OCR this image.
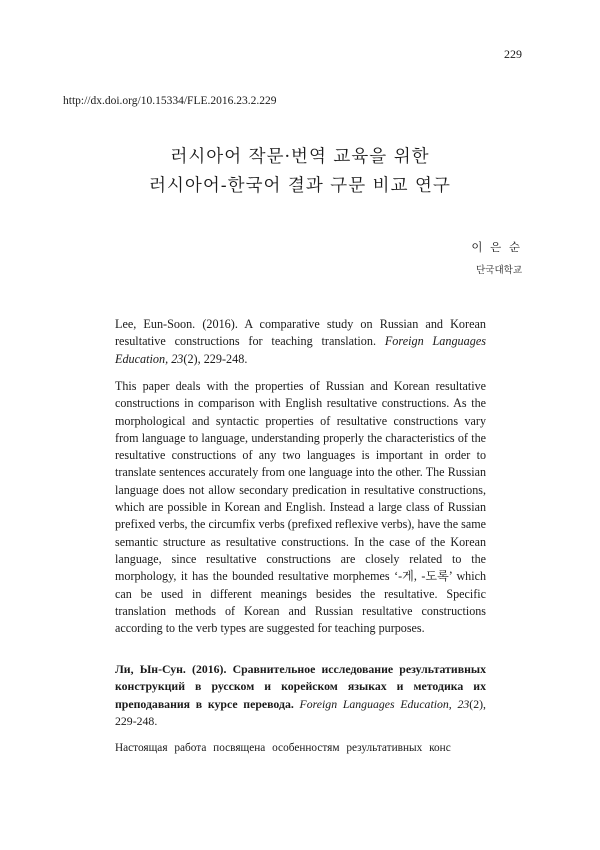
229
http://dx.doi.org/10.15334/FLE.2016.23.2.229
러시아어 작문·번역 교육을 위한
러시아어-한국어 결과 구문 비교 연구
이 은 순
단국대학교

Lee, Eun-Soon. (2016). A comparative study on Russian and Korean resultative constructions for teaching translation. Foreign Languages Education, 23(2), 229-248.

This paper deals with the properties of Russian and Korean resultative constructions in comparison with English resultative constructions. As the morphological and syntactic properties of resultative constructions vary from language to language, understanding properly the characteristics of the resultative constructions of any two languages is important in order to translate sentences accurately from one language into the other. The Russian language does not allow secondary predication in resultative constructions, which are possible in Korean and English. Instead a large class of Russian prefixed verbs, the circumfix verbs (prefixed reflexive verbs), have the same semantic structure as resultative constructions. In the case of the Korean language, since resultative constructions are closely related to the morphology, it has the bounded resultative morphemes ‘-게, -도록’ which can be used in different meanings besides the resultative. Specific translation methods of Korean and Russian resultative constructions according to the verb types are suggested for teaching purposes.

Ли, Ын-Сун. (2016). Сравнительное исследование результативных конструкций в русском и корейском языках и методика их преподавания в курсе перевода. Foreign Languages Education, 23(2), 229-248.

Настоящая работа посвящена особенностям результативных конс
